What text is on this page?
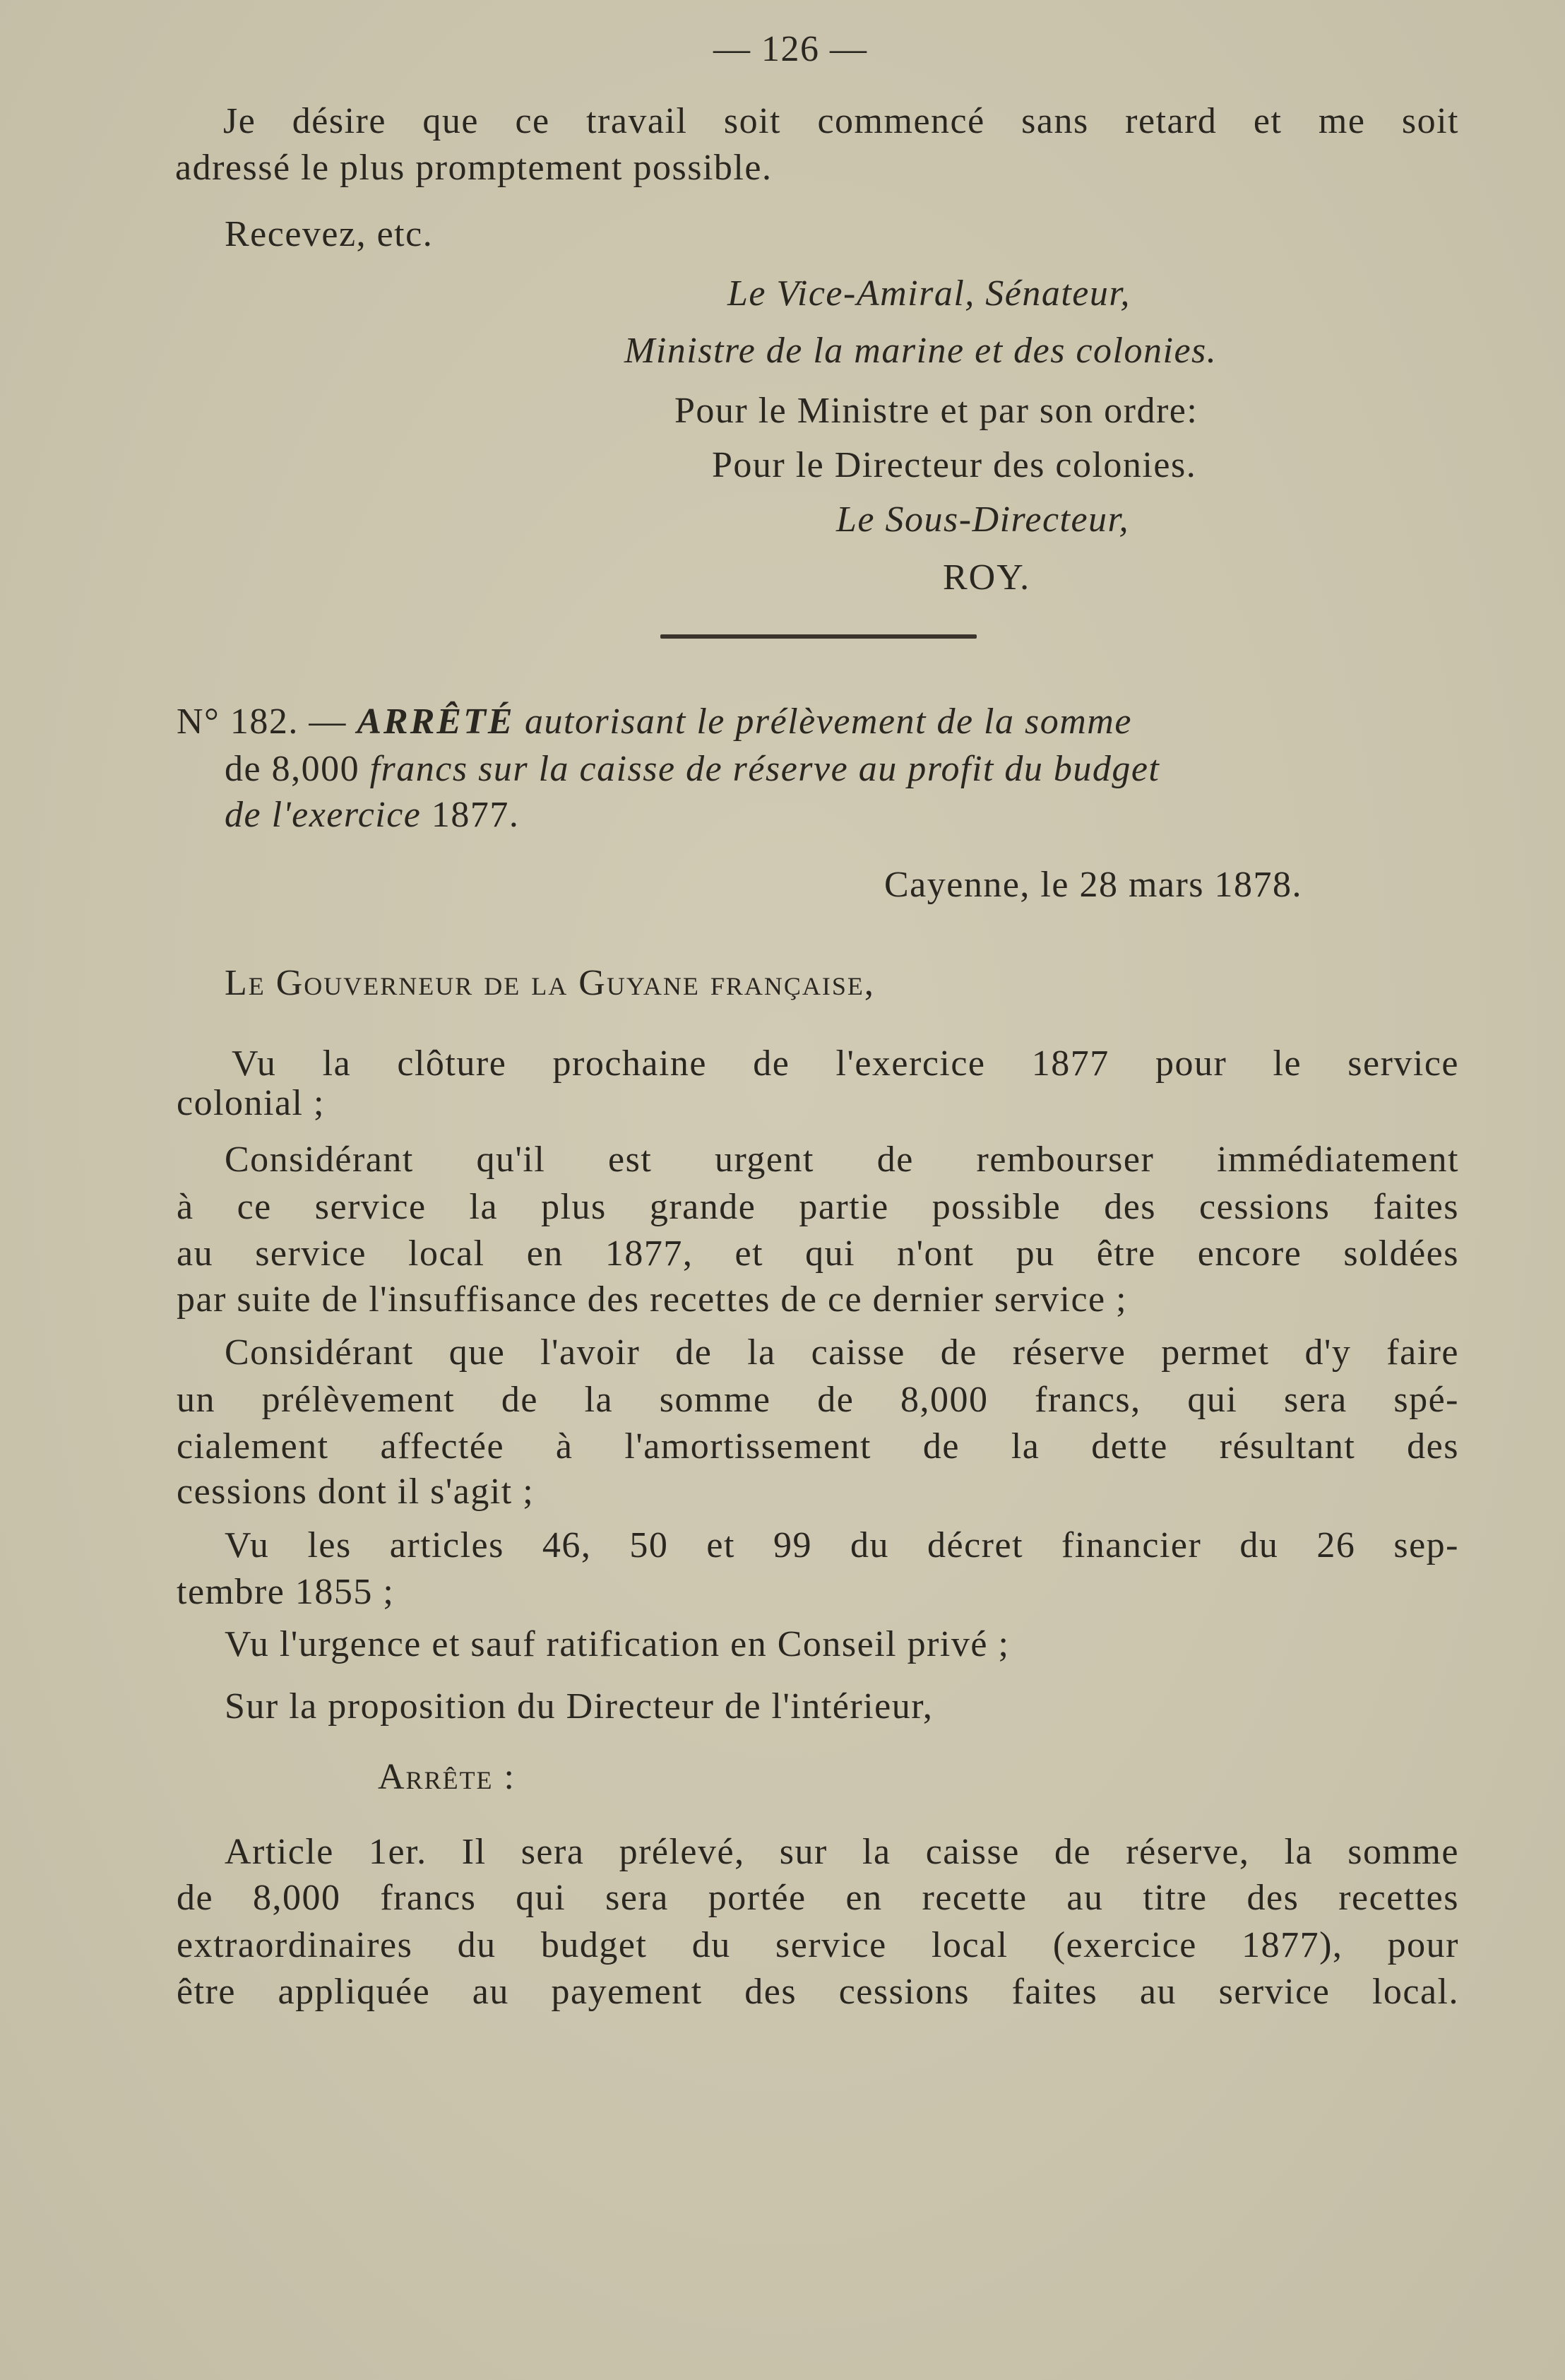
— 126 —
Je désire que ce travail soit commencé sans retard et me soit
adressé le plus promptement possible.
Recevez, etc.
Le Vice-Amiral, Sénateur,
Ministre de la marine et des colonies.
Pour le Ministre et par son ordre:
Pour le Directeur des colonies.
Le Sous-Directeur,
ROY.
N° 182. — ARRÊTÉ autorisant le prélèvement de la somme
de 8,000 francs sur la caisse de réserve au profit du budget
de l'exercice 1877.
Cayenne, le 28 mars 1878.
Le Gouverneur de la Guyane française,
Vu la clôture prochaine de l'exercice 1877 pour le service
colonial ;
Considérant qu'il est urgent de rembourser immédiatement
à ce service la plus grande partie possible des cessions faites
au service local en 1877, et qui n'ont pu être encore soldées
par suite de l'insuffisance des recettes de ce dernier service ;
Considérant que l'avoir de la caisse de réserve permet d'y faire
un prélèvement de la somme de 8,000 francs, qui sera spé-
cialement affectée à l'amortissement de la dette résultant des
cessions dont il s'agit ;
Vu les articles 46, 50 et 99 du décret financier du 26 sep-
tembre 1855 ;
Vu l'urgence et sauf ratification en Conseil privé ;
Sur la proposition du Directeur de l'intérieur,
Arrête :
Article 1er. Il sera prélevé, sur la caisse de réserve, la somme
de 8,000 francs qui sera portée en recette au titre des recettes
extraordinaires du budget du service local (exercice 1877), pour
être appliquée au payement des cessions faites au service local.
